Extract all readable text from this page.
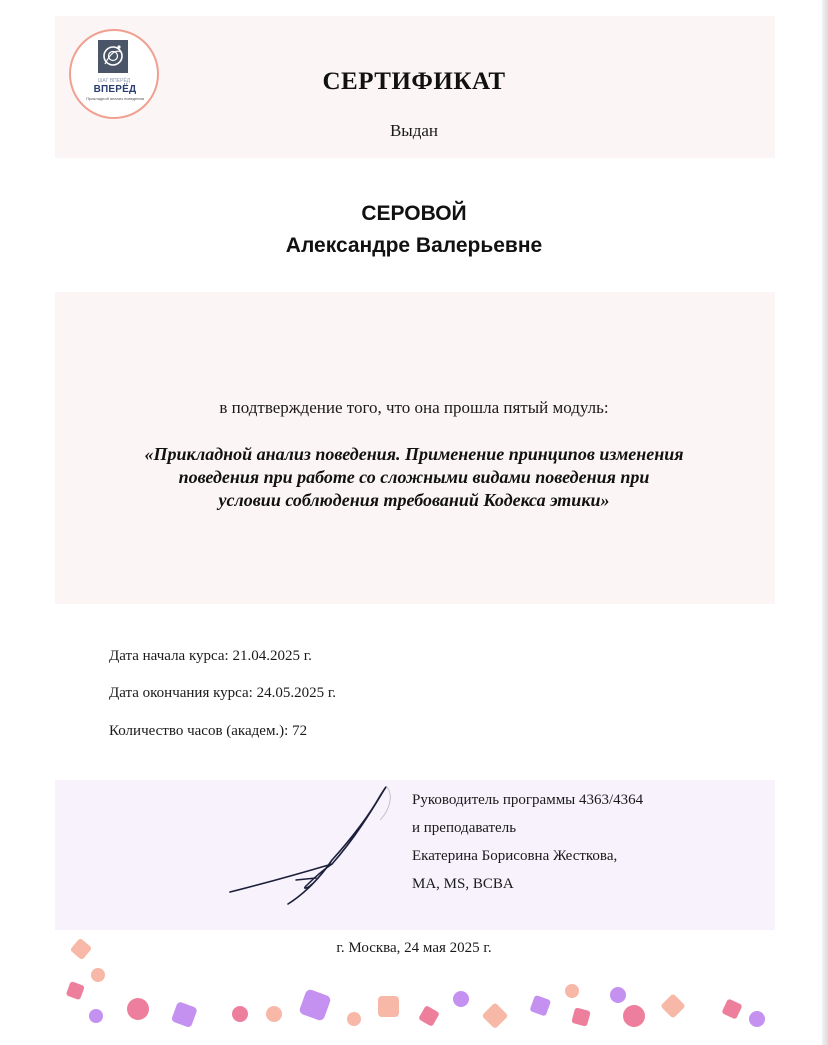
ШАГ ВПЕРЁД
ВПЕРЁД
Прикладной анализ поведения
СЕРТИФИКАТ
Выдан
СЕРОВОЙ
Александре Валерьевне
в подтверждение того, что она прошла пятый модуль:
«Прикладной анализ поведения. Применение принципов изменения
поведения при работе со сложными видами поведения при
условии соблюдения требований Кодекса этики»
Дата начала курса: 21.04.2025 г.
Дата окончания курса: 24.05.2025 г.
Количество часов (академ.): 72
Руководитель программы 4363/4364
и преподаватель
Екатерина Борисовна Жесткова,
MA, MS, BCBA
г. Москва, 24 мая 2025 г.
